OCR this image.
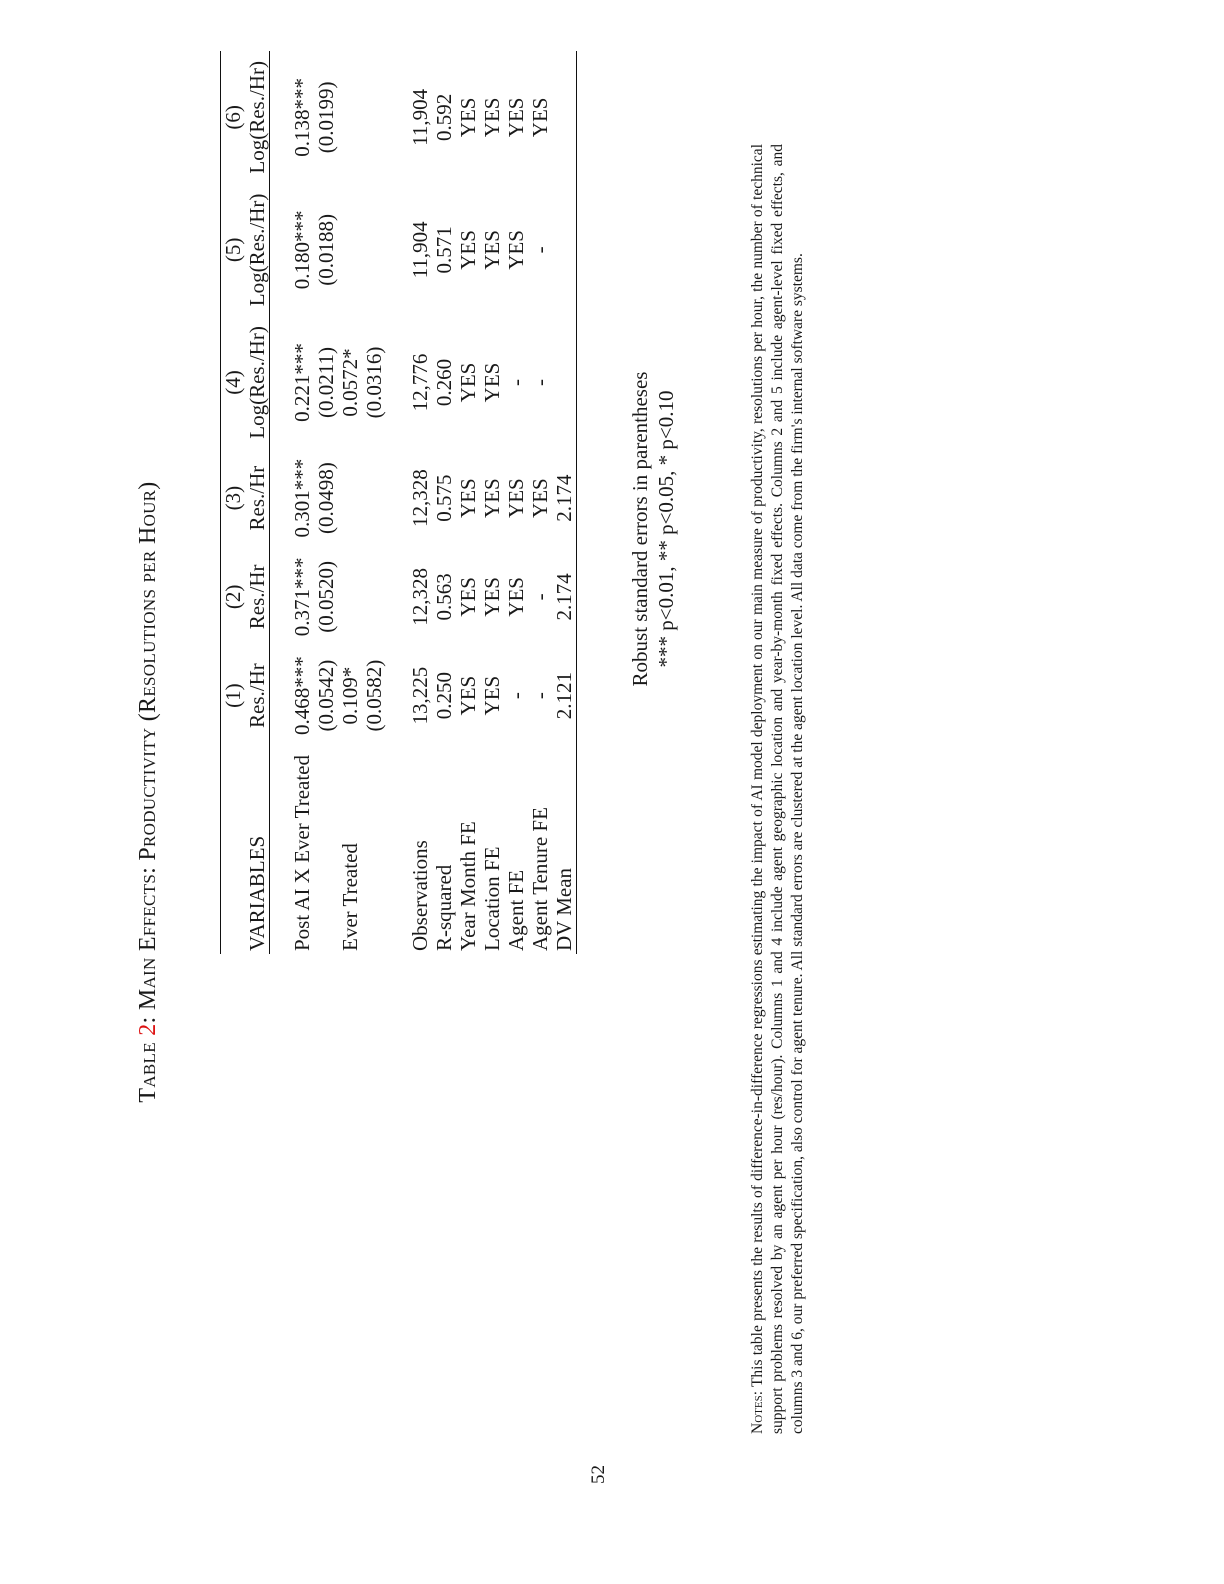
Table 2: Main Effects: Productivity (Resolutions per Hour)
		(1)	(2)	(3)	(4)	(5)	(6)
VARIABLES	Res./Hr	Res./Hr	Res./Hr	Log(Res./Hr)	Log(Res./Hr)	Log(Res./Hr)

Post AI X Ever Treated	0.468***	0.371***	0.301***	0.221***	0.180***	0.138***
	(0.0542)	(0.0520)	(0.0498)	(0.0211)	(0.0188)	(0.0199)
Ever Treated	0.109*			0.0572*		
	(0.0582)			(0.0316)		

Observations	13,225	12,328	12,328	12,776	11,904	11,904
R-squared	0.250	0.563	0.575	0.260	0.571	0.592
Year Month FE	YES	YES	YES	YES	YES	YES
Location FE	YES	YES	YES	YES	YES	YES
Agent FE	-	YES	YES	-	YES	YES
Agent Tenure FE	-	-	YES	-	-	YES
DV Mean	2.121	2.174	2.174			Robust standard errors in parentheses *** p<0.01, ** p<0.05, * p<0.10
Notes: This table presents the results of difference-in-difference regressions estimating the impact of AI model deployment on our main measure of productivity, resolutions per hour, the number of technical support problems resolved by an agent per hour (res/hour). Columns 1 and 4 include agent geographic location and year-by-month fixed effects. Columns 2 and 5 include agent-level fixed effects, and columns 3 and 6, our preferred specification, also control for agent tenure. All standard errors are clustered at the agent location level. All data come from the firm's internal software systems.
52
